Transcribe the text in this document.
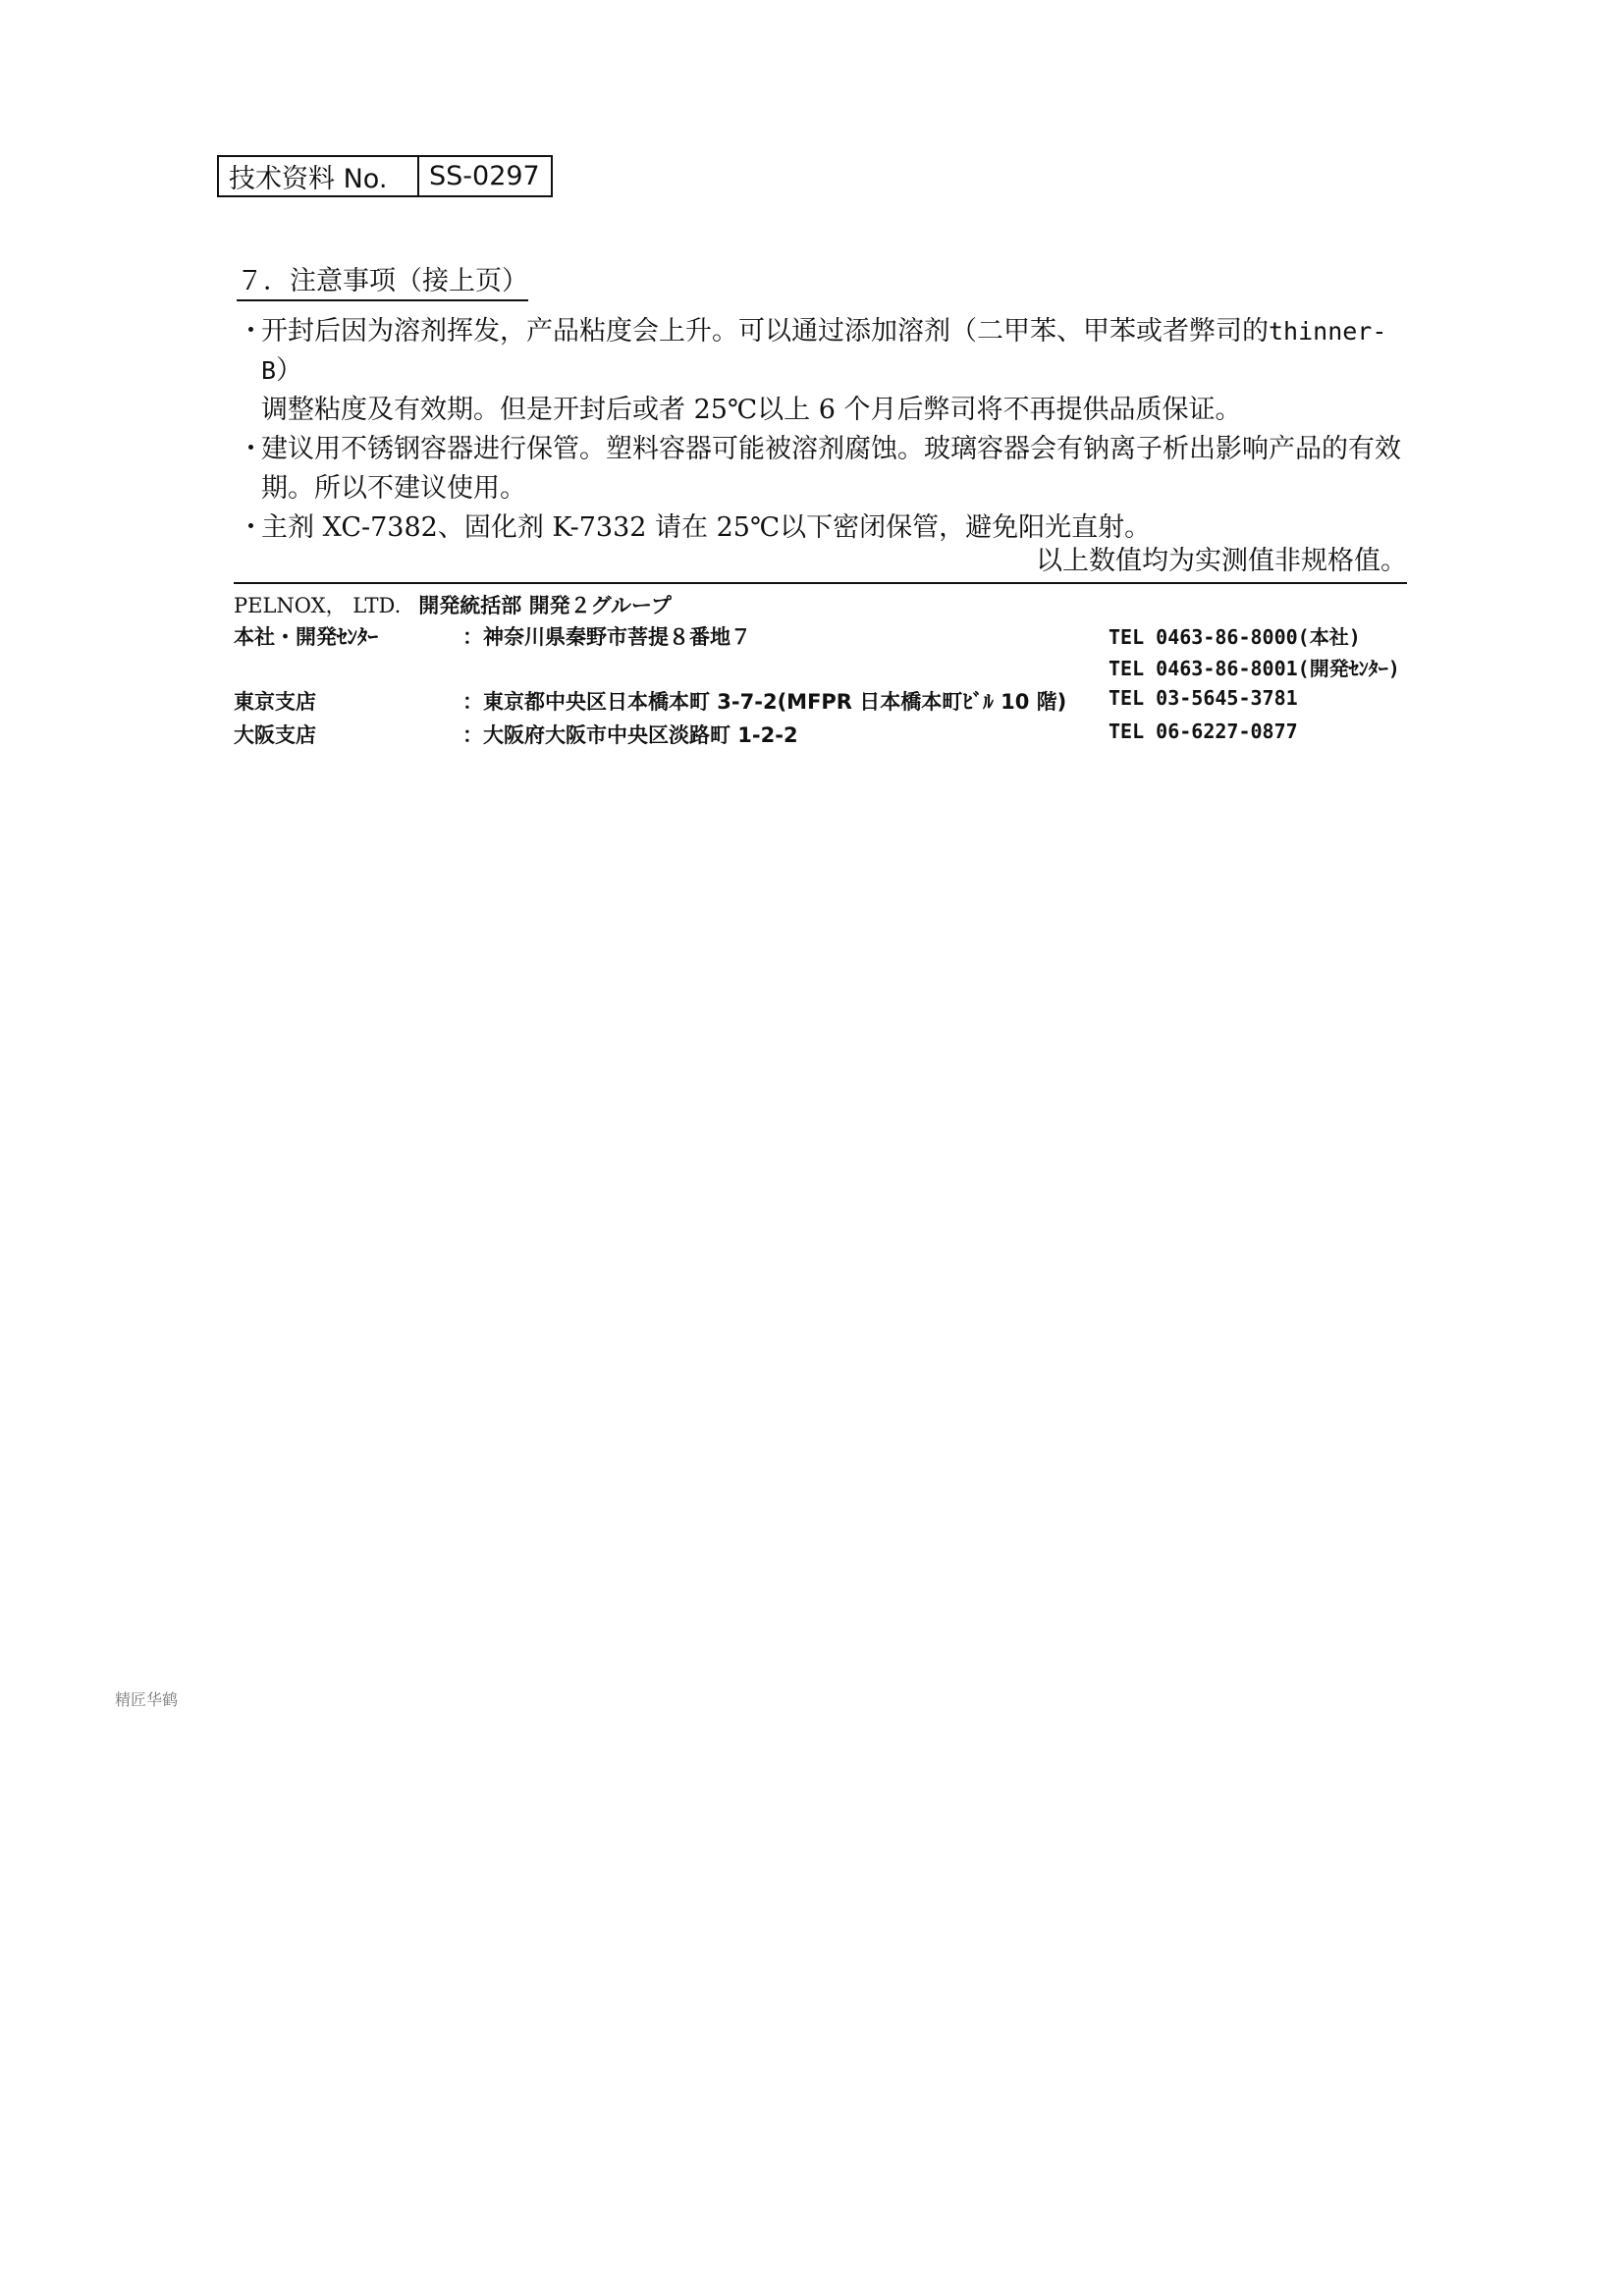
技术资料 No.	SS-0297
７．注意事项（接上页）
・
开封后因为溶剂挥发，产品粘度会上升。可以通过添加溶剂（二甲苯、甲苯或者弊司的thinner-B）
调整粘度及有效期。但是开封后或者 25℃以上 6 个月后弊司将不再提供品质保证。
・
建议用不锈钢容器进行保管。塑料容器可能被溶剂腐蚀。玻璃容器会有钠离子析出影响产品的有效
期。所以不建议使用。
・
主剂 XC-7382、固化剂 K-7332 请在 25℃以下密闭保管，避免阳光直射。
以上数值均为实测值非规格值。
PELNOX， LTD. 開発統括部 開発２グループ
本社・開発ｾﾝﾀｰ	：神奈川県秦野市菩提８番地７	TEL 0463-86-8000(本社)
TEL 0463-86-8001(開発ｾﾝﾀｰ)
東京支店	：東京都中央区日本橋本町 3-7-2(MFPR 日本橋本町ﾋﾞﾙ 10 階) TEL 03-5645-3781
大阪支店	：大阪府大阪市中央区淡路町 1-2-2	TEL 06-6227-0877
精匠华鹤
